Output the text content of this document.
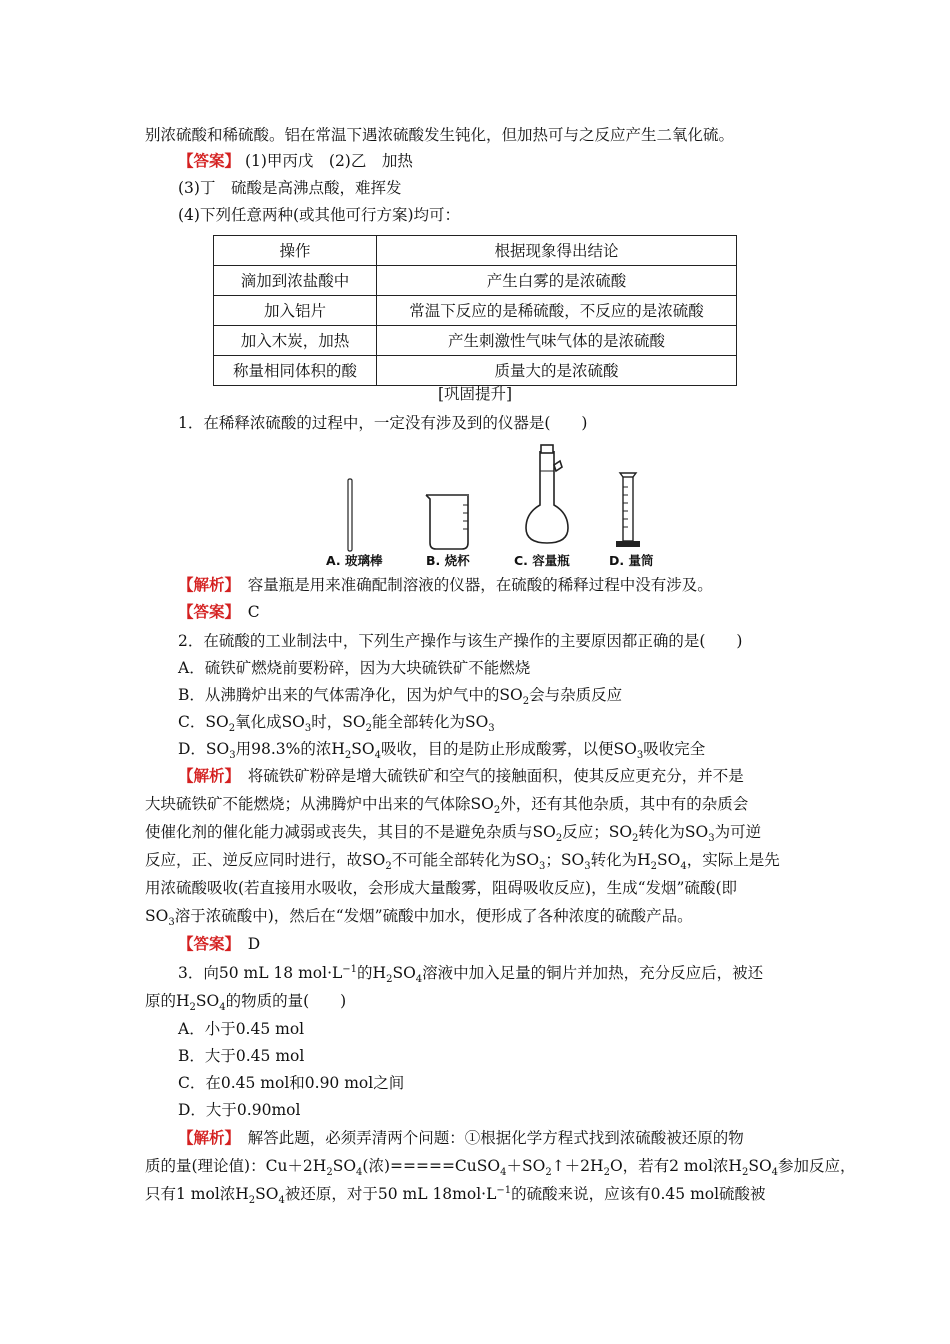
别浓硫酸和稀硫酸。铝在常温下遇浓硫酸发生钝化，但加热可与之反应产生二氧化硫。
【答案】 (1)甲丙戊　(2)乙　加热
(3)丁　硫酸是高沸点酸，难挥发
(4)下列任意两种(或其他可行方案)均可：
操作	根据现象得出结论
滴加到浓盐酸中	产生白雾的是浓硫酸
加入铝片	常温下反应的是稀硫酸，不反应的是浓硫酸
加入木炭，加热	产生刺激性气味气体的是浓硫酸
称量相同体积的酸	质量大的是浓硫酸
[巩固提升]
1．在稀释浓硫酸的过程中，一定没有涉及到的仪器是(　　)
A. 玻璃棒	B. 烧杯	C. 容量瓶	D. 量筒
【解析】　容量瓶是用来准确配制溶液的仪器，在硫酸的稀释过程中没有涉及。
【答案】　C
2．在硫酸的工业制法中，下列生产操作与该生产操作的主要原因都正确的是(　　)
A．硫铁矿燃烧前要粉碎，因为大块硫铁矿不能燃烧
B．从沸腾炉出来的气体需净化，因为炉气中的$SO_2$会与杂质反应
C．$SO_2$氧化成$SO_3$时，$SO_2$能全部转化为$SO_3$
D．$SO_3$用98.3%的浓$H_2SO_4$吸收，目的是防止形成酸雾，以便$SO_3$吸收完全
【解析】　将硫铁矿粉碎是增大硫铁矿和空气的接触面积，使其反应更充分，并不是
大块硫铁矿不能燃烧；从沸腾炉中出来的气体除$SO_2$外，还有其他杂质，其中有的杂质会
使催化剂的催化能力减弱或丧失，其目的不是避免杂质与$SO_2$反应；$SO_2$转化为$SO_3$为可逆
反应，正、逆反应同时进行，故$SO_2$不可能全部转化为$SO_3$；$SO_3$转化为$H_2SO_4$，实际上是先
用浓硫酸吸收(若直接用水吸收，会形成大量酸雾，阻碍吸收反应)，生成“发烟”硫酸(即
$SO_3$溶于浓硫酸中)，然后在“发烟”硫酸中加水，便形成了各种浓度的硫酸产品。
【答案】　D
3．向50 mL 18 $mol\cdot L^{-1}$的$H_2SO_4$溶液中加入足量的铜片并加热，充分反应后，被还
原的$H_2SO_4$的物质的量(　　)
A．小于0.45 mol
B．大于0.45 mol
C．在0.45 mol和0.90 mol之间
D．大于0.90mol
【解析】　解答此题，必须弄清两个问题：①根据化学方程式找到浓硫酸被还原的物
质的量(理论值)：$Cu+2H_2SO_4$(浓)$=====CuSO_4+SO_2↑+2H_2O$，若有2 mol浓$H_2SO_4$参加反应，
只有1 mol浓$H_2SO_4$被还原，对于50 mL $18mol\cdot L^{-1}$的硫酸来说，应该有0.45 mol硫酸被
